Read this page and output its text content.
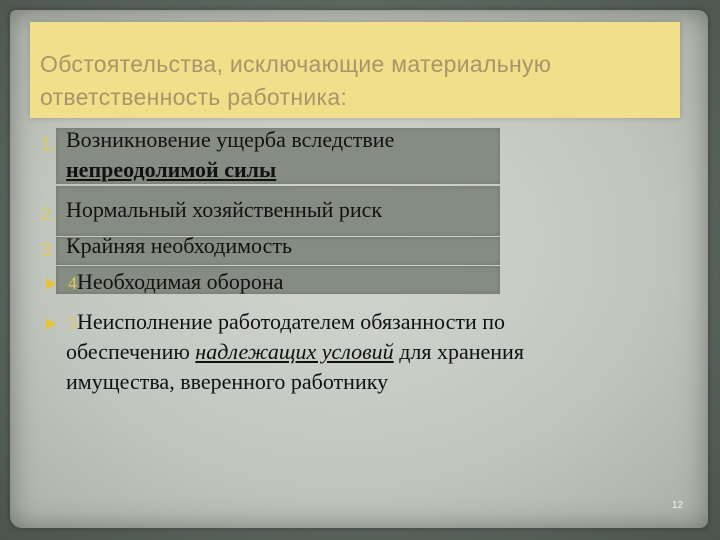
Обстоятельства, исключающие материальную ответственность работника:
1. Возникновение ущерба вследствие
непреодолимой силы
2. Нормальный хозяйственный риск
3. Крайняя необходимость
4Необходимая оборона
5Неисполнение работодателем обязанности по
обеспечению надлежащих условий для хранения
имущества, вверенного работнику
12
